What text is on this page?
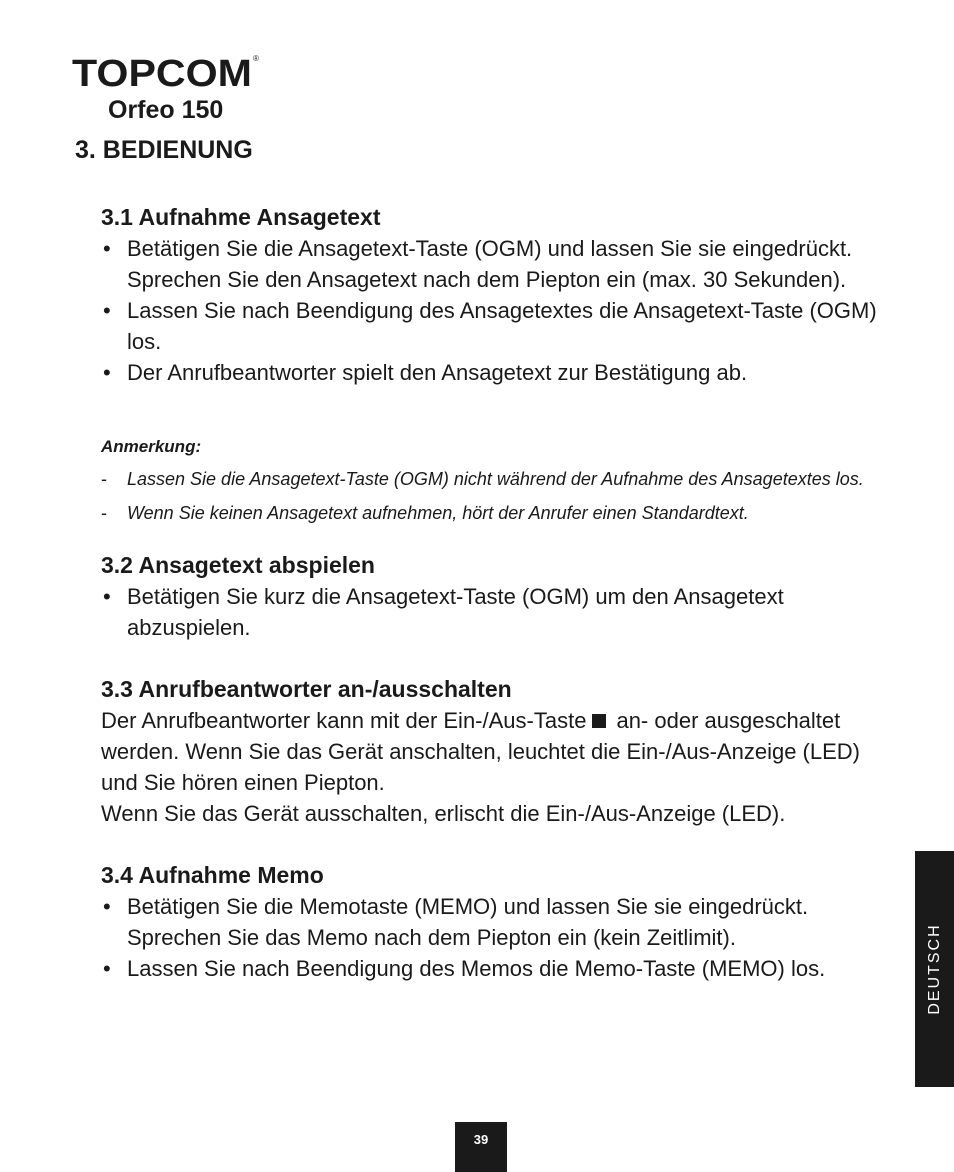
TOPCOM ®
Orfeo 150
3. BEDIENUNG
3.1 Aufnahme Ansagetext
• Betätigen Sie die Ansagetext-Taste (OGM) und lassen Sie sie eingedrückt. Sprechen Sie den Ansagetext nach dem Piepton ein (max. 30 Sekunden).
• Lassen Sie nach Beendigung des Ansagetextes die Ansagetext-Taste (OGM) los.
• Der Anrufbeantworter spielt den Ansagetext zur Bestätigung ab.

Anmerkung:

- Lassen Sie die Ansagetext-Taste (OGM) nicht während der Aufnahme des Ansagetextes los.
- Wenn Sie keinen Ansagetext aufnehmen, hört der Anrufer einen Standardtext.
3.2 Ansagetext abspielen
• Betätigen Sie kurz die Ansagetext-Taste (OGM) um den Ansagetext abzuspielen.
3.3 Anrufbeantworter an-/ausschalten

Der Anrufbeantworter kann mit der Ein-/Aus-Taste an- oder ausgeschaltet werden. Wenn Sie das Gerät anschalten, leuchtet die Ein-/Aus-Anzeige (LED) und Sie hören einen Piepton.

Wenn Sie das Gerät ausschalten, erlischt die Ein-/Aus-Anzeige (LED).

3.4 Aufnahme Memo
• Betätigen Sie die Memotaste (MEMO) und lassen Sie sie eingedrückt. Sprechen Sie das Memo nach dem Piepton ein (kein Zeitlimit).
• Lassen Sie nach Beendigung des Memos die Memo-Taste (MEMO) los.	DEUTSCH
39
